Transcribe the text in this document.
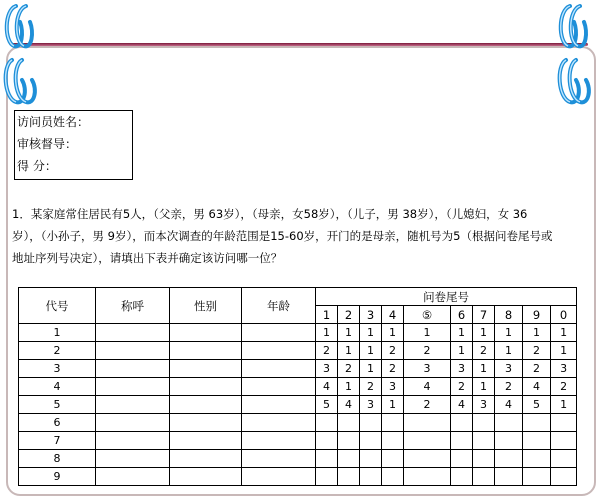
访问员姓名：
审核督导：
得 分：
1．某家庭常住居民有5人，（父亲，男 63岁），（母亲，女58岁），（儿子，男 38岁），（儿媳妇，女 36
岁），（小孙子，男 9岁），而本次调查的年龄范围是15-60岁，开门的是母亲，随机号为5（根据问卷尾号或
地址序列号决定），请填出下表并确定该访问哪一位？
代号	称呼	性别	年龄	问卷尾号									
				1	2	3	4	⑤	6	7	8	9	0
1				1	1	1	1	1	1	1	1	1	1
2				2	1	1	2	2	1	2	1	2	1
3				3	2	1	2	3	3	1	3	2	3
4				4	1	2	3	4	2	1	2	4	2
5				5	4	3	1	2	4	3	4	5	1
6													
7													
8													
9													
